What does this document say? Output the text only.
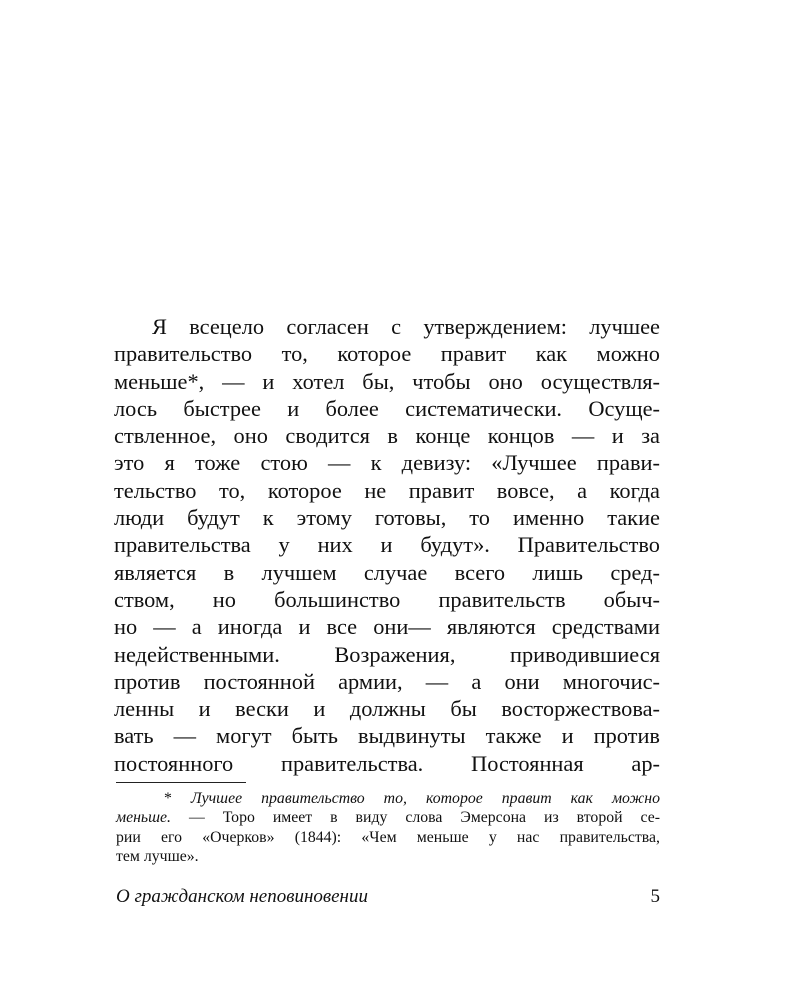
Я всецело согласен с утверждением: лучшее
правительство то, которое правит как можно
меньше*, — и хотел бы, чтобы оно осуществля-
лось быстрее и более систематически. Осуще-
ствленное, оно сводится в конце концов — и за
это я тоже стою — к девизу: «Лучшее прави-
тельство то, которое не правит вовсе, а когда
люди будут к этому готовы, то именно такие
правительства у них и будут». Правительство
является в лучшем случае всего лишь сред-
ством, но большинство правительств обыч-
но — а иногда и все они— являются средствами
недейственными. Возражения, приводившиеся
против постоянной армии, — а они многочис-
ленны и вески и должны бы восторжествова-
вать — могут быть выдвинуты также и против
постоянного правительства. Постоянная ар-
* Лучшее правительство то, которое правит как можно
меньше. — Торо имеет в виду слова Эмерсона из второй се-
рии его «Очерков» (1844): «Чем меньше у нас правительства,
тем лучше».
О гражданском неповиновении	5
